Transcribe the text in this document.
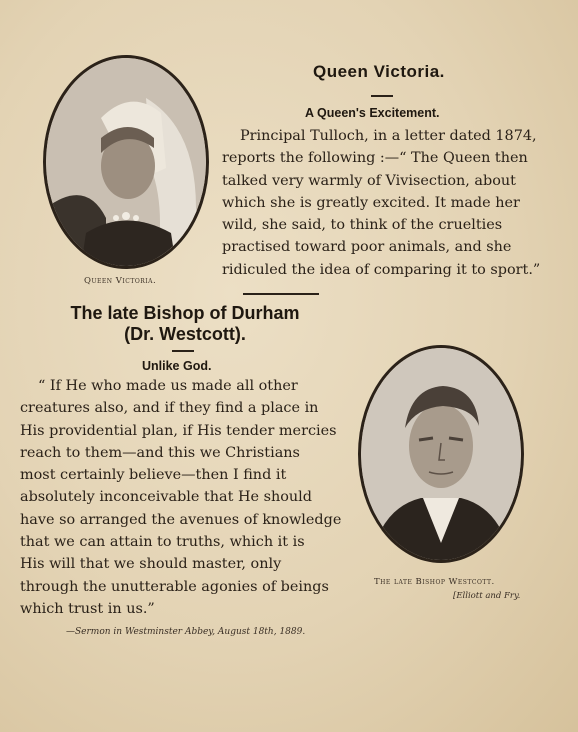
Queen Victoria.
Queen Victoria.
A Queen's Excitement.
Principal Tulloch, in a letter dated 1874,
reports the following :—“ The Queen then
talked very warmly of Vivisection, about
which she is greatly excited. It made her
wild, she said, to think of the cruelties
practised toward poor animals, and she
ridiculed the idea of comparing it to sport.”
The late Bishop of Durham
(Dr. Westcott).
Unlike God.
“ If He who made us made all other
creatures also, and if they find a place in
His providential plan, if His tender mercies
reach to them—and this we Christians
most certainly believe—then I find it
absolutely inconceivable that He should
have so arranged the avenues of knowledge
that we can attain to truths, which it is
His will that we should master, only
through the unutterable agonies of beings
which trust in us.”
—Sermon in Westminster Abbey, August 18th, 1889.
The late Bishop Westcott.
[Elliott and Fry.
